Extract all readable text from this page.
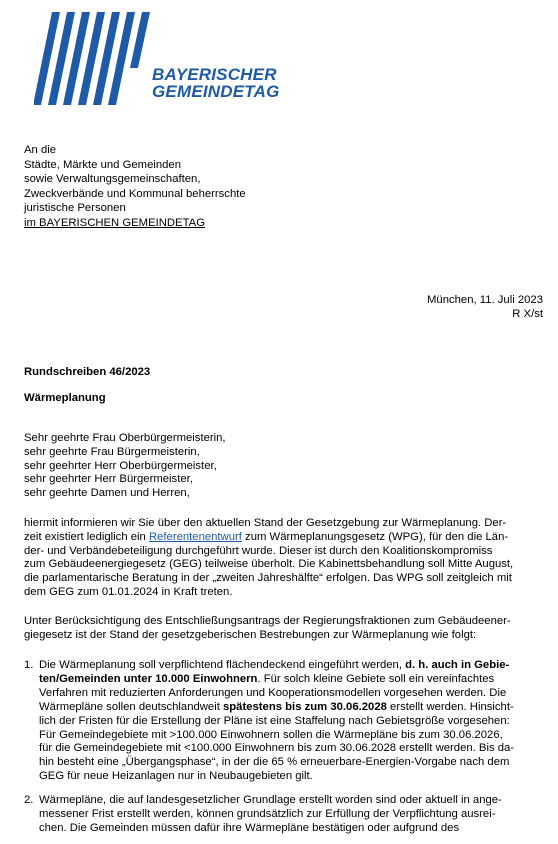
BAYERISCHER
GEMEINDETAG
An die
Städte, Märkte und Gemeinden
sowie Verwaltungsgemeinschaften,
Zweckverbände und Kommunal beherrschte
juristische Personen
im BAYERISCHEN GEMEINDETAG
München, 11. Juli 2023
R X/st
Rundschreiben 46/2023
Wärmeplanung
Sehr geehrte Frau Oberbürgermeisterin,
sehr geehrte Frau Bürgermeisterin,
sehr geehrter Herr Oberbürgermeister,
sehr geehrter Herr Bürgermeister,
sehr geehrte Damen und Herren,
hiermit informieren wir Sie über den aktuellen Stand der Gesetzgebung zur Wärmeplanung. Der-
zeit existiert lediglich ein Referentenentwurf zum Wärmeplanungsgesetz (WPG), für den die Län-
der- und Verbändebeteiligung durchgeführt wurde. Dieser ist durch den Koalitionskompromiss
zum Gebäudeenergiegesetz (GEG) teilweise überholt. Die Kabinettsbehandlung soll Mitte August,
die parlamentarische Beratung in der „zweiten Jahreshälfte“ erfolgen. Das WPG soll zeitgleich mit
dem GEG zum 01.01.2024 in Kraft treten.
Unter Berücksichtigung des Entschließungsantrags der Regierungsfraktionen zum Gebäudeener-
giegesetz ist der Stand der gesetzgeberischen Bestrebungen zur Wärmeplanung wie folgt:
1. Die Wärmeplanung soll verpflichtend flächendeckend eingeführt werden, d. h. auch in Gebie-
ten/Gemeinden unter 10.000 Einwohnern. Für solch kleine Gebiete soll ein vereinfachtes
Verfahren mit reduzierten Anforderungen und Kooperationsmodellen vorgesehen werden. Die
Wärmepläne sollen deutschlandweit spätestens bis zum 30.06.2028 erstellt werden. Hinsicht-
lich der Fristen für die Erstellung der Pläne ist eine Staffelung nach Gebietsgröße vorgesehen:
Für Gemeindegebiete mit >100.000 Einwohnern sollen die Wärmepläne bis zum 30.06.2026,
für die Gemeindegebiete mit <100.000 Einwohnern bis zum 30.06.2028 erstellt werden. Bis da-
hin besteht eine „Übergangsphase“, in der die 65 % erneuerbare-Energien-Vorgabe nach dem
GEG für neue Heizanlagen nur in Neubaugebieten gilt.
2. Wärmepläne, die auf landesgesetzlicher Grundlage erstellt worden sind oder aktuell in ange-
messener Frist erstellt werden, können grundsätzlich zur Erfüllung der Verpflichtung ausrei-
chen. Die Gemeinden müssen dafür ihre Wärmepläne bestätigen oder aufgrund des
